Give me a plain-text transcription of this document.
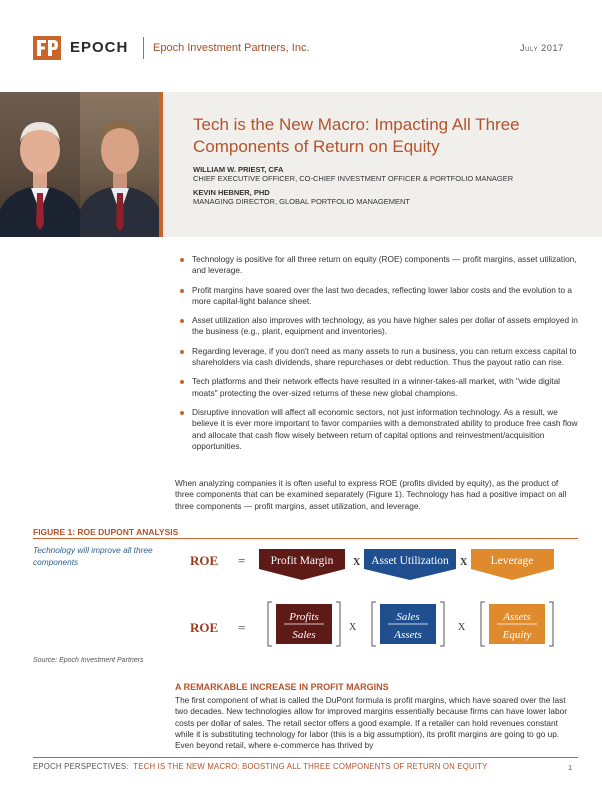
EPOCH Epoch Investment Partners, Inc.	July 2017
Tech is the New Macro: Impacting All Three Components of Return on Equity
WILLIAM W. PRIEST, CFA
CHIEF EXECUTIVE OFFICER, CO-CHIEF INVESTMENT OFFICER & PORTFOLIO MANAGER
KEVIN HEBNER, PHD
MANAGING DIRECTOR, GLOBAL PORTFOLIO MANAGEMENT
Technology is positive for all three return on equity (ROE) components — profit margins, asset utilization, and leverage.
Profit margins have soared over the last two decades, reflecting lower labor costs and the evolution to a more capital-light balance sheet.
Asset utilization also improves with technology, as you have higher sales per dollar of assets employed in the business (e.g., plant, equipment and inventories).
Regarding leverage, if you don't need as many assets to run a business, you can return excess capital to shareholders via cash dividends, share repurchases or debt reduction. Thus the payout ratio can rise.
Tech platforms and their network effects have resulted in a winner-takes-all market, with "wide digital moats" protecting the over-sized returns of these new global champions.
Disruptive innovation will affect all economic sectors, not just information technology. As a result, we believe it is ever more important to favor companies with a demonstrated ability to produce free cash flow and allocate that cash flow wisely between return of capital options and reinvestment/acquisition opportunities.
When analyzing companies it is often useful to express ROE (profits divided by equity), as the product of three components that can be examined separately (Figure 1). Technology has had a positive impact on all three components — profit margins, asset utilization, and leverage.
FIGURE 1: ROE DUPONT ANALYSIS
Technology will improve all three components	ROE = Profit Margin X Asset Utilization X Leverage
ROE =
Profits
Sales
X
Sales
Assets
X
Assets
Equity
Source: Epoch Investment Partners
A REMARKABLE INCREASE IN PROFIT MARGINS
The first component of what is called the DuPont formula is profit margins, which have soared over the last two decades. New technologies allow for improved margins essentially because firms can have lower labor costs per dollar of sales. The retail sector offers a good example. If a retailer can hold revenues constant while it is substituting technology for labor (this is a big assumption), its profit margins are going to go up. Even beyond retail, where e-commerce has thrived by
EPOCH PERSPECTIVES: TECH IS THE NEW MACRO: BOOSTING ALL THREE COMPONENTS OF RETURN ON EQUITY	1
